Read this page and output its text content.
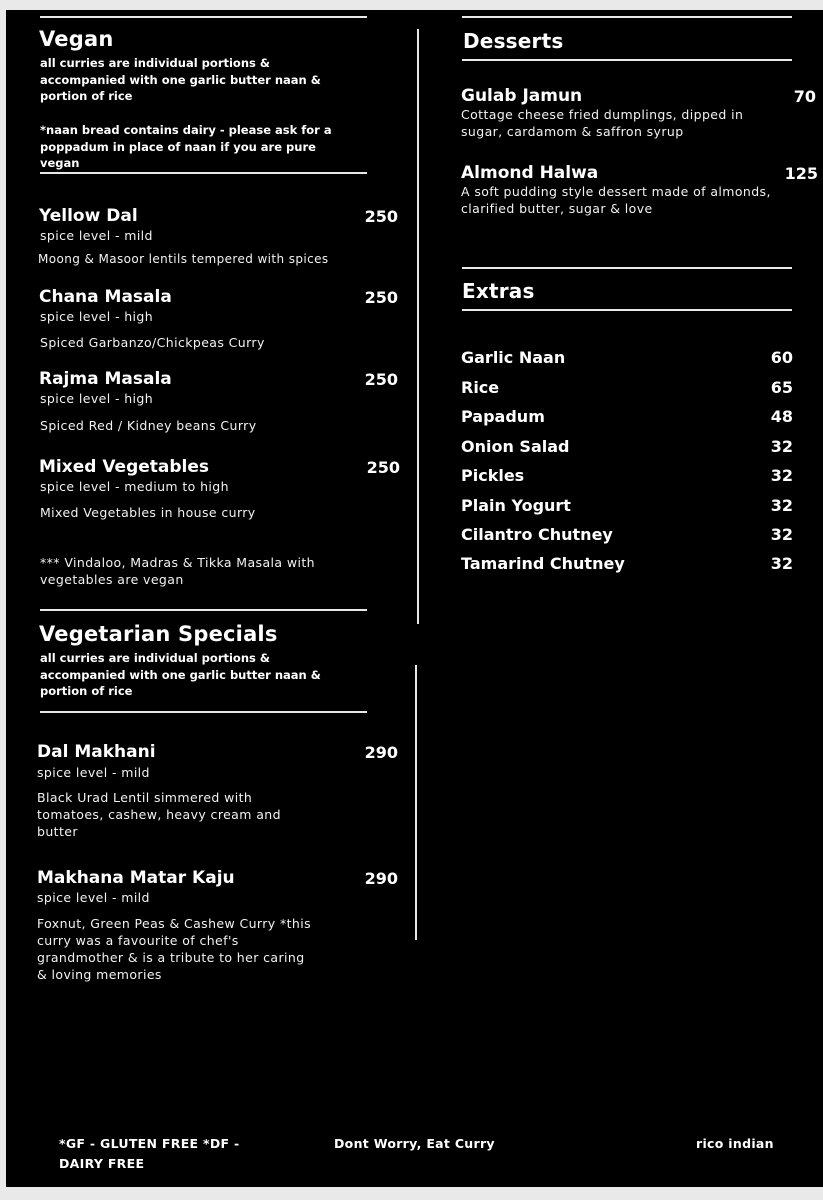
Vegan
all curries are individual portions & accompanied with one garlic butter naan & portion of rice
*naan bread contains dairy - please ask for a poppadum in place of naan if you are pure vegan
Yellow Dal	250
spice level - mild
Moong & Masoor lentils tempered with spices
Chana Masala	250
spice level - high
Spiced Garbanzo/Chickpeas Curry
Rajma Masala	250
spice level - high
Spiced Red / Kidney beans Curry
Mixed Vegetables	250
spice level - medium to high
Mixed Vegetables in house curry
*** Vindaloo, Madras & Tikka Masala with vegetables are vegan
Vegetarian Specials
all curries are individual portions & accompanied with one garlic butter naan & portion of rice
Dal Makhani	290
spice level - mild
Black Urad Lentil simmered with tomatoes, cashew, heavy cream and butter
Makhana Matar Kaju	290
spice level - mild
Foxnut, Green Peas & Cashew Curry *this curry was a favourite of chef's grandmother & is a tribute to her caring & loving memories
Desserts
Gulab Jamun	70
Cottage cheese fried dumplings, dipped in sugar, cardamom & saffron syrup
Almond Halwa	125
A soft pudding style dessert made of almonds, clarified butter, sugar & love
Extras
Garlic Naan	60
Rice	65
Papadum	48
Onion Salad	32
Pickles	32
Plain Yogurt	32
Cilantro Chutney	32
Tamarind Chutney	32
*GF - GLUTEN FREE *DF - DAIRY FREE
Dont Worry, Eat Curry	rico indian
